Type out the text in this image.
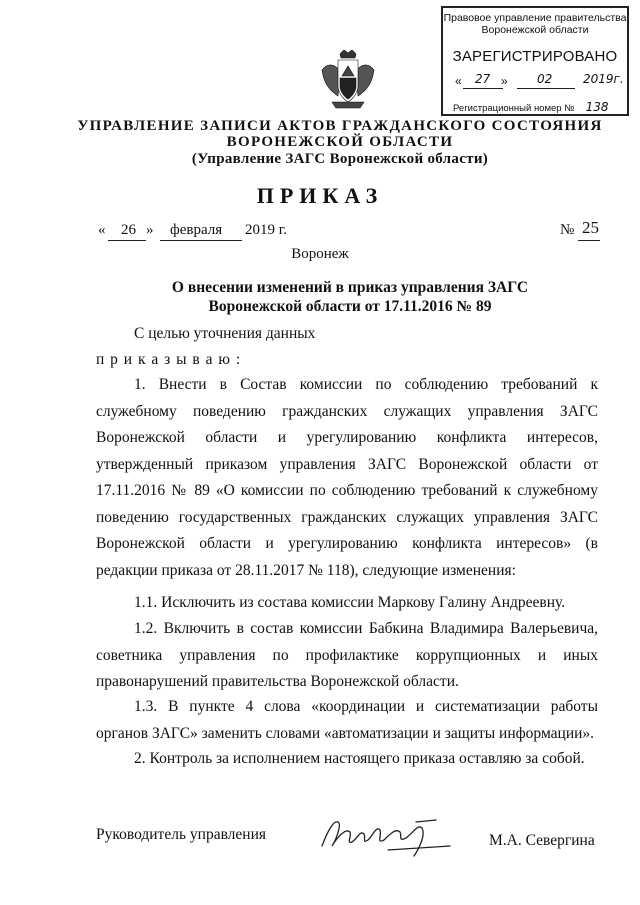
Правовое управление правительства
Воронежской области
ЗАРЕГИСТРИРОВАНО
« 27 » 02	2019г.
Регистрационный номер № 138
УПРАВЛЕНИЕ ЗАПИСИ АКТОВ ГРАЖДАНСКОГО СОСТОЯНИЯ
ВОРОНЕЖСКОЙ ОБЛАСТИ
(Управление ЗАГС Воронежской области)
ПРИКАЗ
« 26 » февраля 2019 г.	№ 25
Воронеж
О внесении изменений в приказ управления ЗАГС
Воронежской области от 17.11.2016 № 89
С целью уточнения данных
п р и к а з ы в а ю :
1. Внести в Состав комиссии по соблюдению требований к служебному поведению гражданских служащих управления ЗАГС Воронежской области и урегулированию конфликта интересов, утвержденный приказом управления ЗАГС Воронежской области от 17.11.2016 № 89 «О комиссии по соблюдению требований к служебному поведению государственных гражданских служащих управления ЗАГС Воронежской области и урегулированию конфликта интересов» (в редакции приказа от 28.11.2017 № 118), следующие изменения:
1.1. Исключить из состава комиссии Маркову Галину Андреевну.
1.2. Включить в состав комиссии Бабкина Владимира Валерьевича, советника управления по профилактике коррупционных и иных правонарушений правительства Воронежской области.
1.3. В пункте 4 слова «координации и систематизации работы органов ЗАГС» заменить словами «автоматизации и защиты информации».
2. Контроль за исполнением настоящего приказа оставляю за собой.
Руководитель управления	М.А. Севергина
